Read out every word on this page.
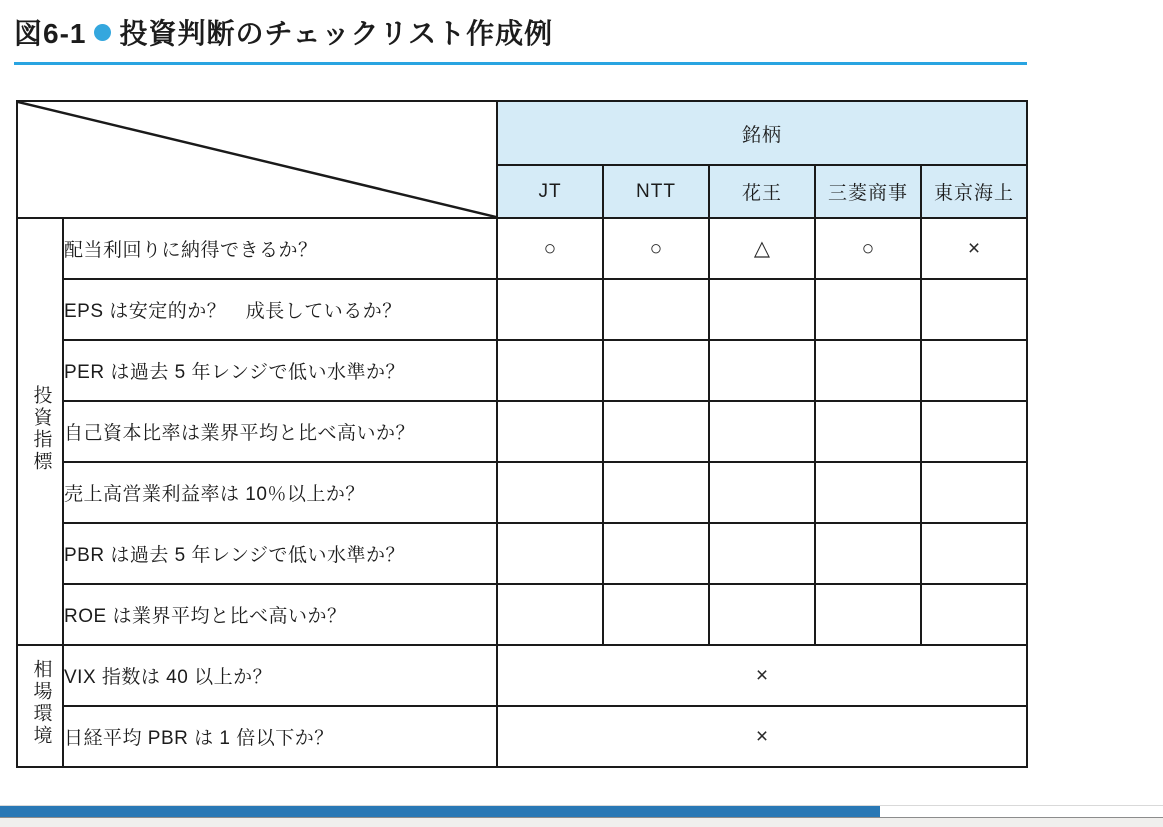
図6-1 投資判断のチェックリスト作成例
	銘柄				
		JT	NTT	花王	三菱商事	東京海上
投資指標	配当利回りに納得できるか？	○	○	△	○	×
	EPS は安定的か？　成長しているか？					
	PER は過去 5 年レンジで低い水準か？					
	自己資本比率は業界平均と比べ高いか？					
	売上高営業利益率は 10％以上か？					
	PBR は過去 5 年レンジで低い水準か？					
	ROE は業界平均と比べ高いか？					
相場環境	VIX 指数は 40 以上か？	×				
	日経平均 PBR は 1 倍以下か？	×				
